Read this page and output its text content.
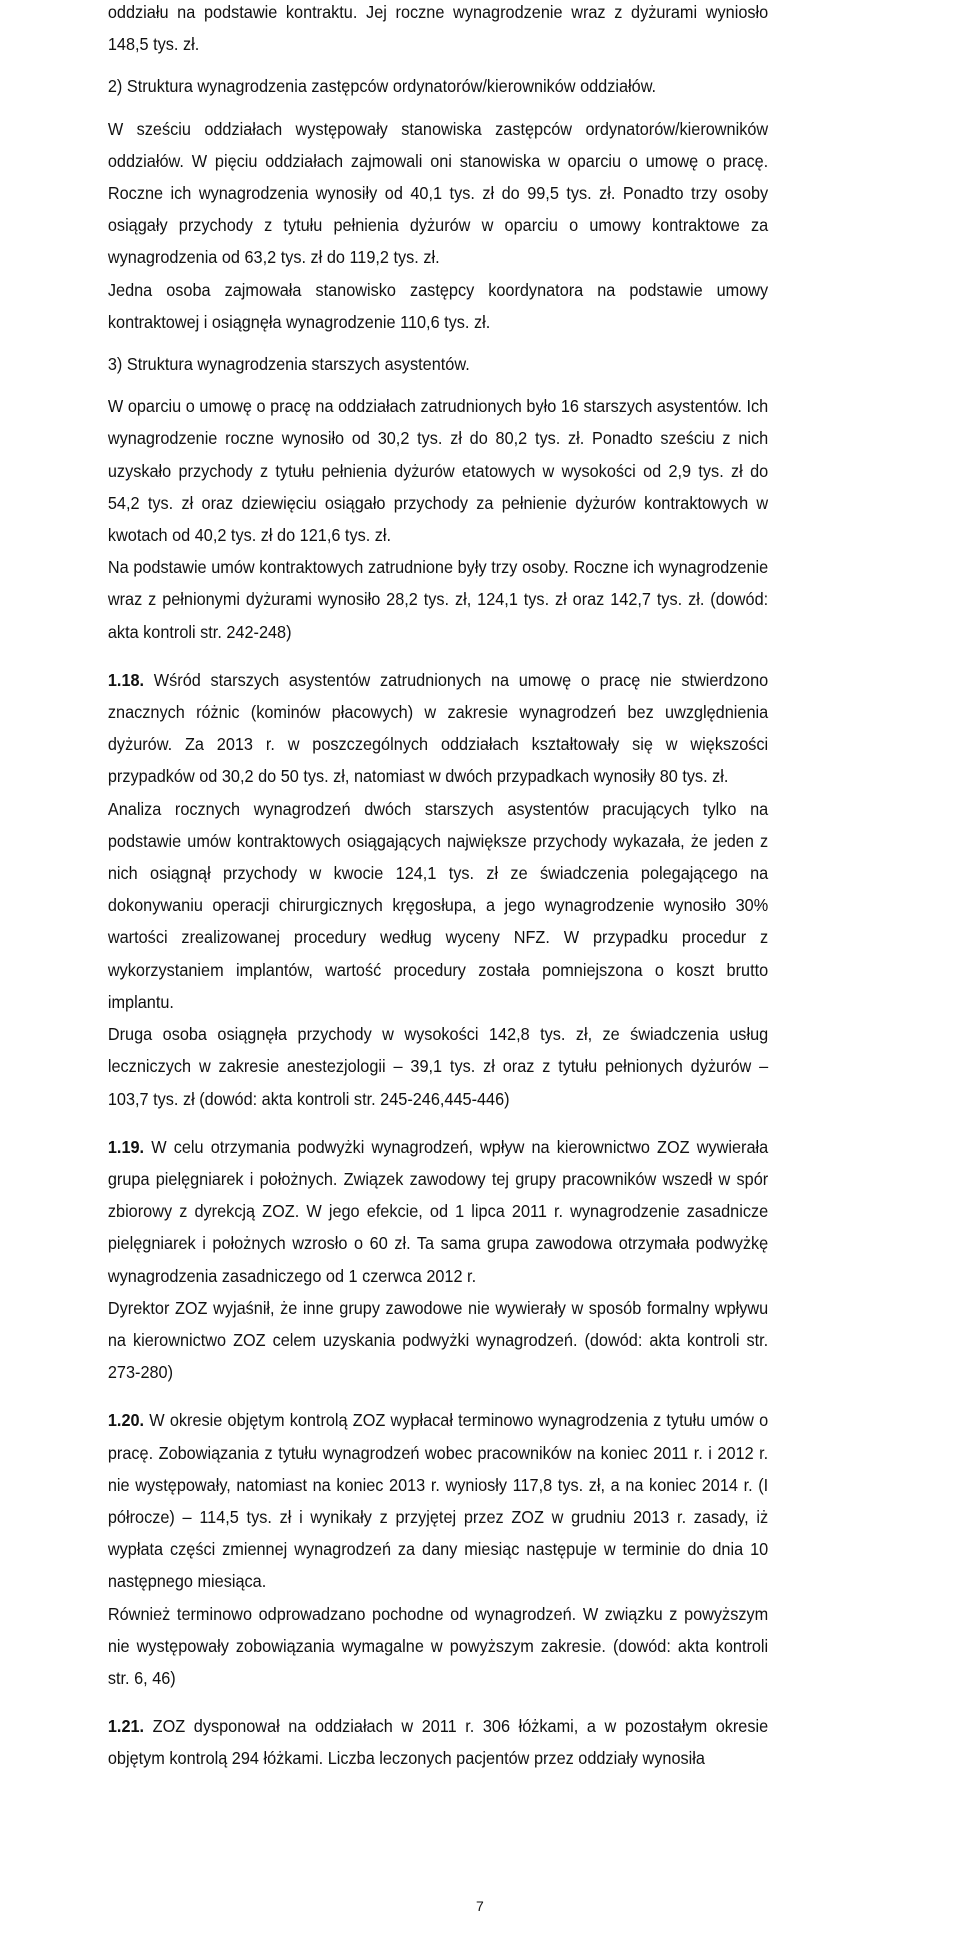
oddziału na podstawie kontraktu. Jej roczne wynagrodzenie wraz z dyżurami wyniosło 148,5 tys. zł.

2) Struktura wynagrodzenia zastępców ordynatorów/kierowników oddziałów.

W sześciu oddziałach występowały stanowiska zastępców ordynatorów/kierowników oddziałów. W pięciu oddziałach zajmowali oni stanowiska w oparciu o umowę o pracę. Roczne ich wynagrodzenia wynosiły od 40,1 tys. zł do 99,5 tys. zł. Ponadto trzy osoby osiągały przychody z tytułu pełnienia dyżurów w oparciu o umowy kontraktowe za wynagrodzenia od 63,2 tys. zł do 119,2 tys. zł.

Jedna osoba zajmowała stanowisko zastępcy koordynatora na podstawie umowy kontraktowej i osiągnęła wynagrodzenie 110,6 tys. zł.

3) Struktura wynagrodzenia starszych asystentów.

W oparciu o umowę o pracę na oddziałach zatrudnionych było 16 starszych asystentów. Ich wynagrodzenie roczne wynosiło od 30,2 tys. zł do 80,2 tys. zł. Ponadto sześciu z nich uzyskało przychody z tytułu pełnienia dyżurów etatowych w wysokości od 2,9 tys. zł do 54,2 tys. zł oraz dziewięciu osiągało przychody za pełnienie dyżurów kontraktowych w kwotach od 40,2 tys. zł do 121,6 tys. zł.

Na podstawie umów kontraktowych zatrudnione były trzy osoby. Roczne ich wynagrodzenie wraz z pełnionymi dyżurami wynosiło 28,2 tys. zł, 124,1 tys. zł oraz 142,7 tys. zł. (dowód: akta kontroli str. 242-248)

1.18. Wśród starszych asystentów zatrudnionych na umowę o pracę nie stwierdzono znacznych różnic (kominów płacowych) w zakresie wynagrodzeń bez uwzględnienia dyżurów. Za 2013 r. w poszczególnych oddziałach kształtowały się w większości przypadków od 30,2 do 50 tys. zł, natomiast w dwóch przypadkach wynosiły 80 tys. zł.

Analiza rocznych wynagrodzeń dwóch starszych asystentów pracujących tylko na podstawie umów kontraktowych osiągających największe przychody wykazała, że jeden z nich osiągnął przychody w kwocie 124,1 tys. zł ze świadczenia polegającego na dokonywaniu operacji chirurgicznych kręgosłupa, a jego wynagrodzenie wynosiło 30% wartości zrealizowanej procedury według wyceny NFZ. W przypadku procedur z wykorzystaniem implantów, wartość procedury została pomniejszona o koszt brutto implantu.

Druga osoba osiągnęła przychody w wysokości 142,8 tys. zł, ze świadczenia usług leczniczych w zakresie anestezjologii – 39,1 tys. zł oraz z tytułu pełnionych dyżurów – 103,7 tys. zł (dowód: akta kontroli str. 245-246,445-446)

1.19. W celu otrzymania podwyżki wynagrodzeń, wpływ na kierownictwo ZOZ wywierała grupa pielęgniarek i położnych. Związek zawodowy tej grupy pracowników wszedł w spór zbiorowy z dyrekcją ZOZ. W jego efekcie, od 1 lipca 2011 r. wynagrodzenie zasadnicze pielęgniarek i położnych wzrosło o 60 zł. Ta sama grupa zawodowa otrzymała podwyżkę wynagrodzenia zasadniczego od 1 czerwca 2012 r.

Dyrektor ZOZ wyjaśnił, że inne grupy zawodowe nie wywierały w sposób formalny wpływu na kierownictwo ZOZ celem uzyskania podwyżki wynagrodzeń. (dowód: akta kontroli str. 273-280)

1.20. W okresie objętym kontrolą ZOZ wypłacał terminowo wynagrodzenia z tytułu umów o pracę. Zobowiązania z tytułu wynagrodzeń wobec pracowników na koniec 2011 r. i 2012 r. nie występowały, natomiast na koniec 2013 r. wyniosły 117,8 tys. zł, a na koniec 2014 r. (I półrocze) – 114,5 tys. zł i wynikały z przyjętej przez ZOZ w grudniu 2013 r. zasady, iż wypłata części zmiennej wynagrodzeń za dany miesiąc następuje w terminie do dnia 10 następnego miesiąca.

Również terminowo odprowadzano pochodne od wynagrodzeń. W związku z powyższym nie występowały zobowiązania wymagalne w powyższym zakresie. (dowód: akta kontroli str. 6, 46)

1.21. ZOZ dysponował na oddziałach w 2011 r. 306 łóżkami, a w pozostałym okresie objętym kontrolą 294 łóżkami. Liczba leczonych pacjentów przez oddziały wynosiła

7
